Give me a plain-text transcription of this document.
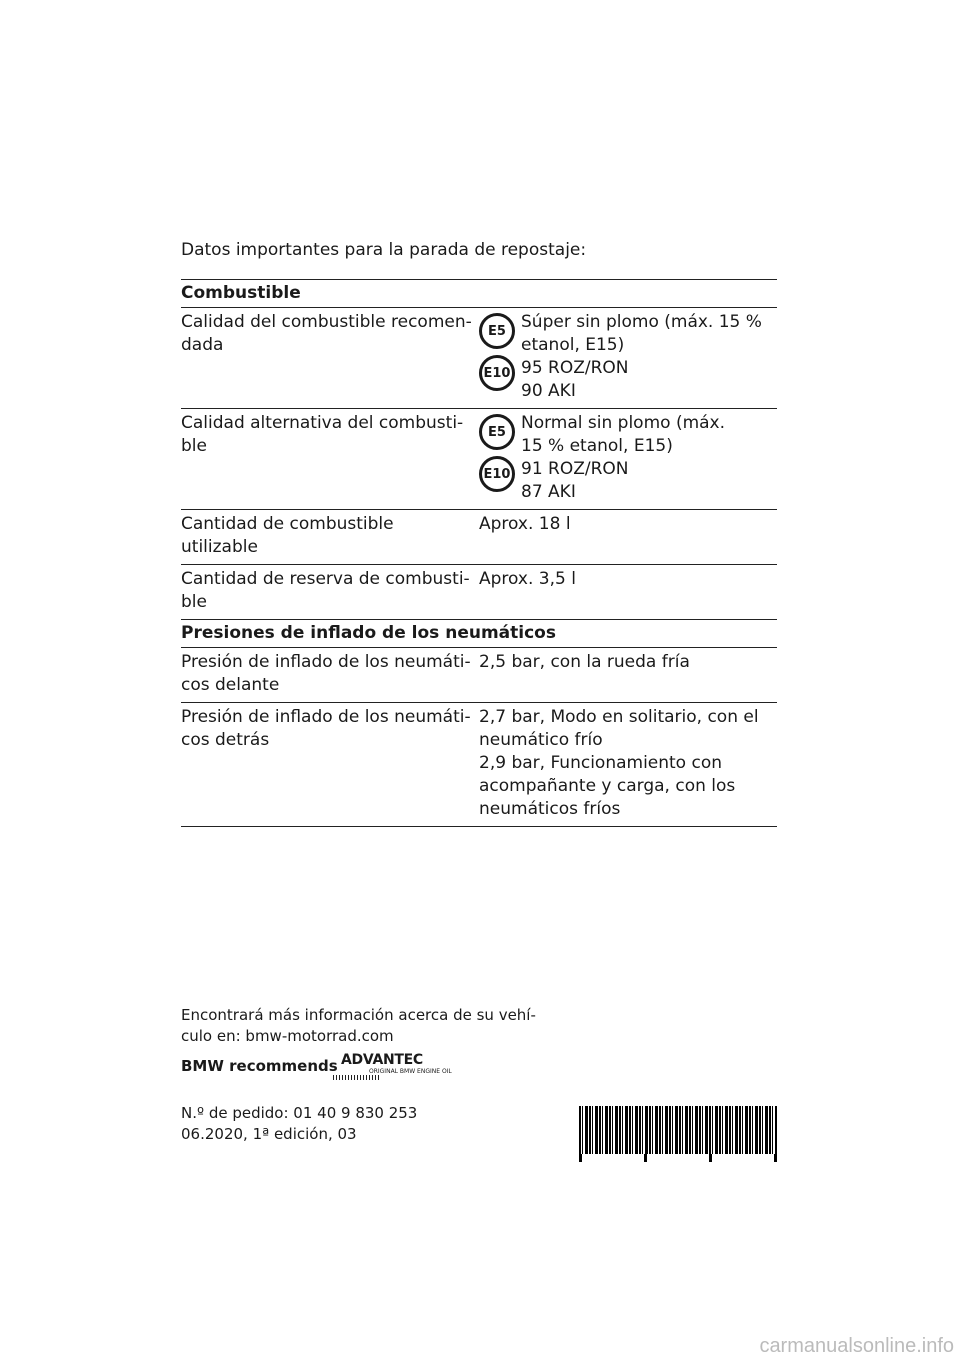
Datos importantes para la parada de repostaje:
Combustible
Calidad del combustible recomen-dada
E5
E10
Súper sin plomo (máx. 15 %
etanol, E15)
95 ROZ/RON
90 AKI
Calidad alternativa del combusti-ble
E5
E10
Normal sin plomo (máx.
15 % etanol, E15)
91 ROZ/RON
87 AKI
Cantidad de combustible utilizable
Aprox. 18 l
Cantidad de reserva de combusti-ble
Aprox. 3,5 l
Presiones de inflado de los neumáticos
Presión de inflado de los neumáti-cos delante
2,5 bar, con la rueda fría
Presión de inflado de los neumáti-cos detrás
2,7 bar, Modo en solitario, con el
neumático frío
2,9 bar, Funcionamiento con
acompañante y carga, con los
neumáticos fríos
Encontrará más información acerca de su vehí-
culo en: bmw-motorrad.com
BMW recommends ADVANTEC
ORIGINAL BMW ENGINE OIL
N.º de pedido: 01 40 9 830 253
06.2020, 1ª edición, 03
carmanualsonline.info
